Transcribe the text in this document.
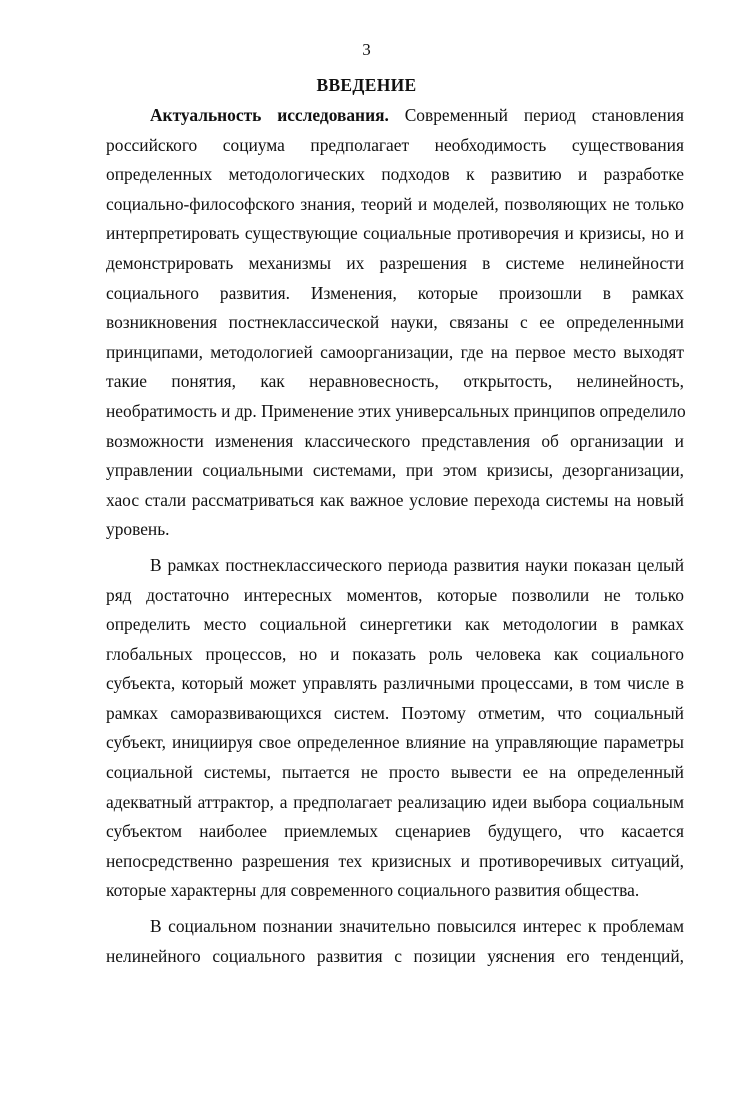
3
ВВЕДЕНИЕ
Актуальность исследования. Современный период становления
российского социума предполагает необходимость существования
определенных методологических подходов к развитию и разработке
социально-философского знания, теорий и моделей, позволяющих не только
интерпретировать существующие социальные противоречия и кризисы, но и
демонстрировать механизмы их разрешения в системе нелинейности
социального развития. Изменения, которые произошли в рамках
возникновения постнеклассической науки, связаны с ее определенными
принципами, методологией самоорганизации, где на первое место выходят
такие понятия, как неравновесность, открытость, нелинейность,
необратимость и др. Применение этих универсальных принципов определило
возможности изменения классического представления об организации и
управлении социальными системами, при этом кризисы, дезорганизации,
хаос стали рассматриваться как важное условие перехода системы на новый
уровень.
В рамках постнеклассического периода развития науки показан целый
ряд достаточно интересных моментов, которые позволили не только
определить место социальной синергетики как методологии в рамках
глобальных процессов, но и показать роль человека как социального
субъекта, который может управлять различными процессами, в том числе в
рамках саморазвивающихся систем. Поэтому отметим, что социальный
субъект, инициируя свое определенное влияние на управляющие параметры
социальной системы, пытается не просто вывести ее на определенный
адекватный аттрактор, а предполагает реализацию идеи выбора социальным
субъектом наиболее приемлемых сценариев будущего, что касается
непосредственно разрешения тех кризисных и противоречивых ситуаций,
которые характерны для современного социального развития общества.
В социальном познании значительно повысился интерес к проблемам
нелинейного социального развития с позиции уяснения его тенденций,
